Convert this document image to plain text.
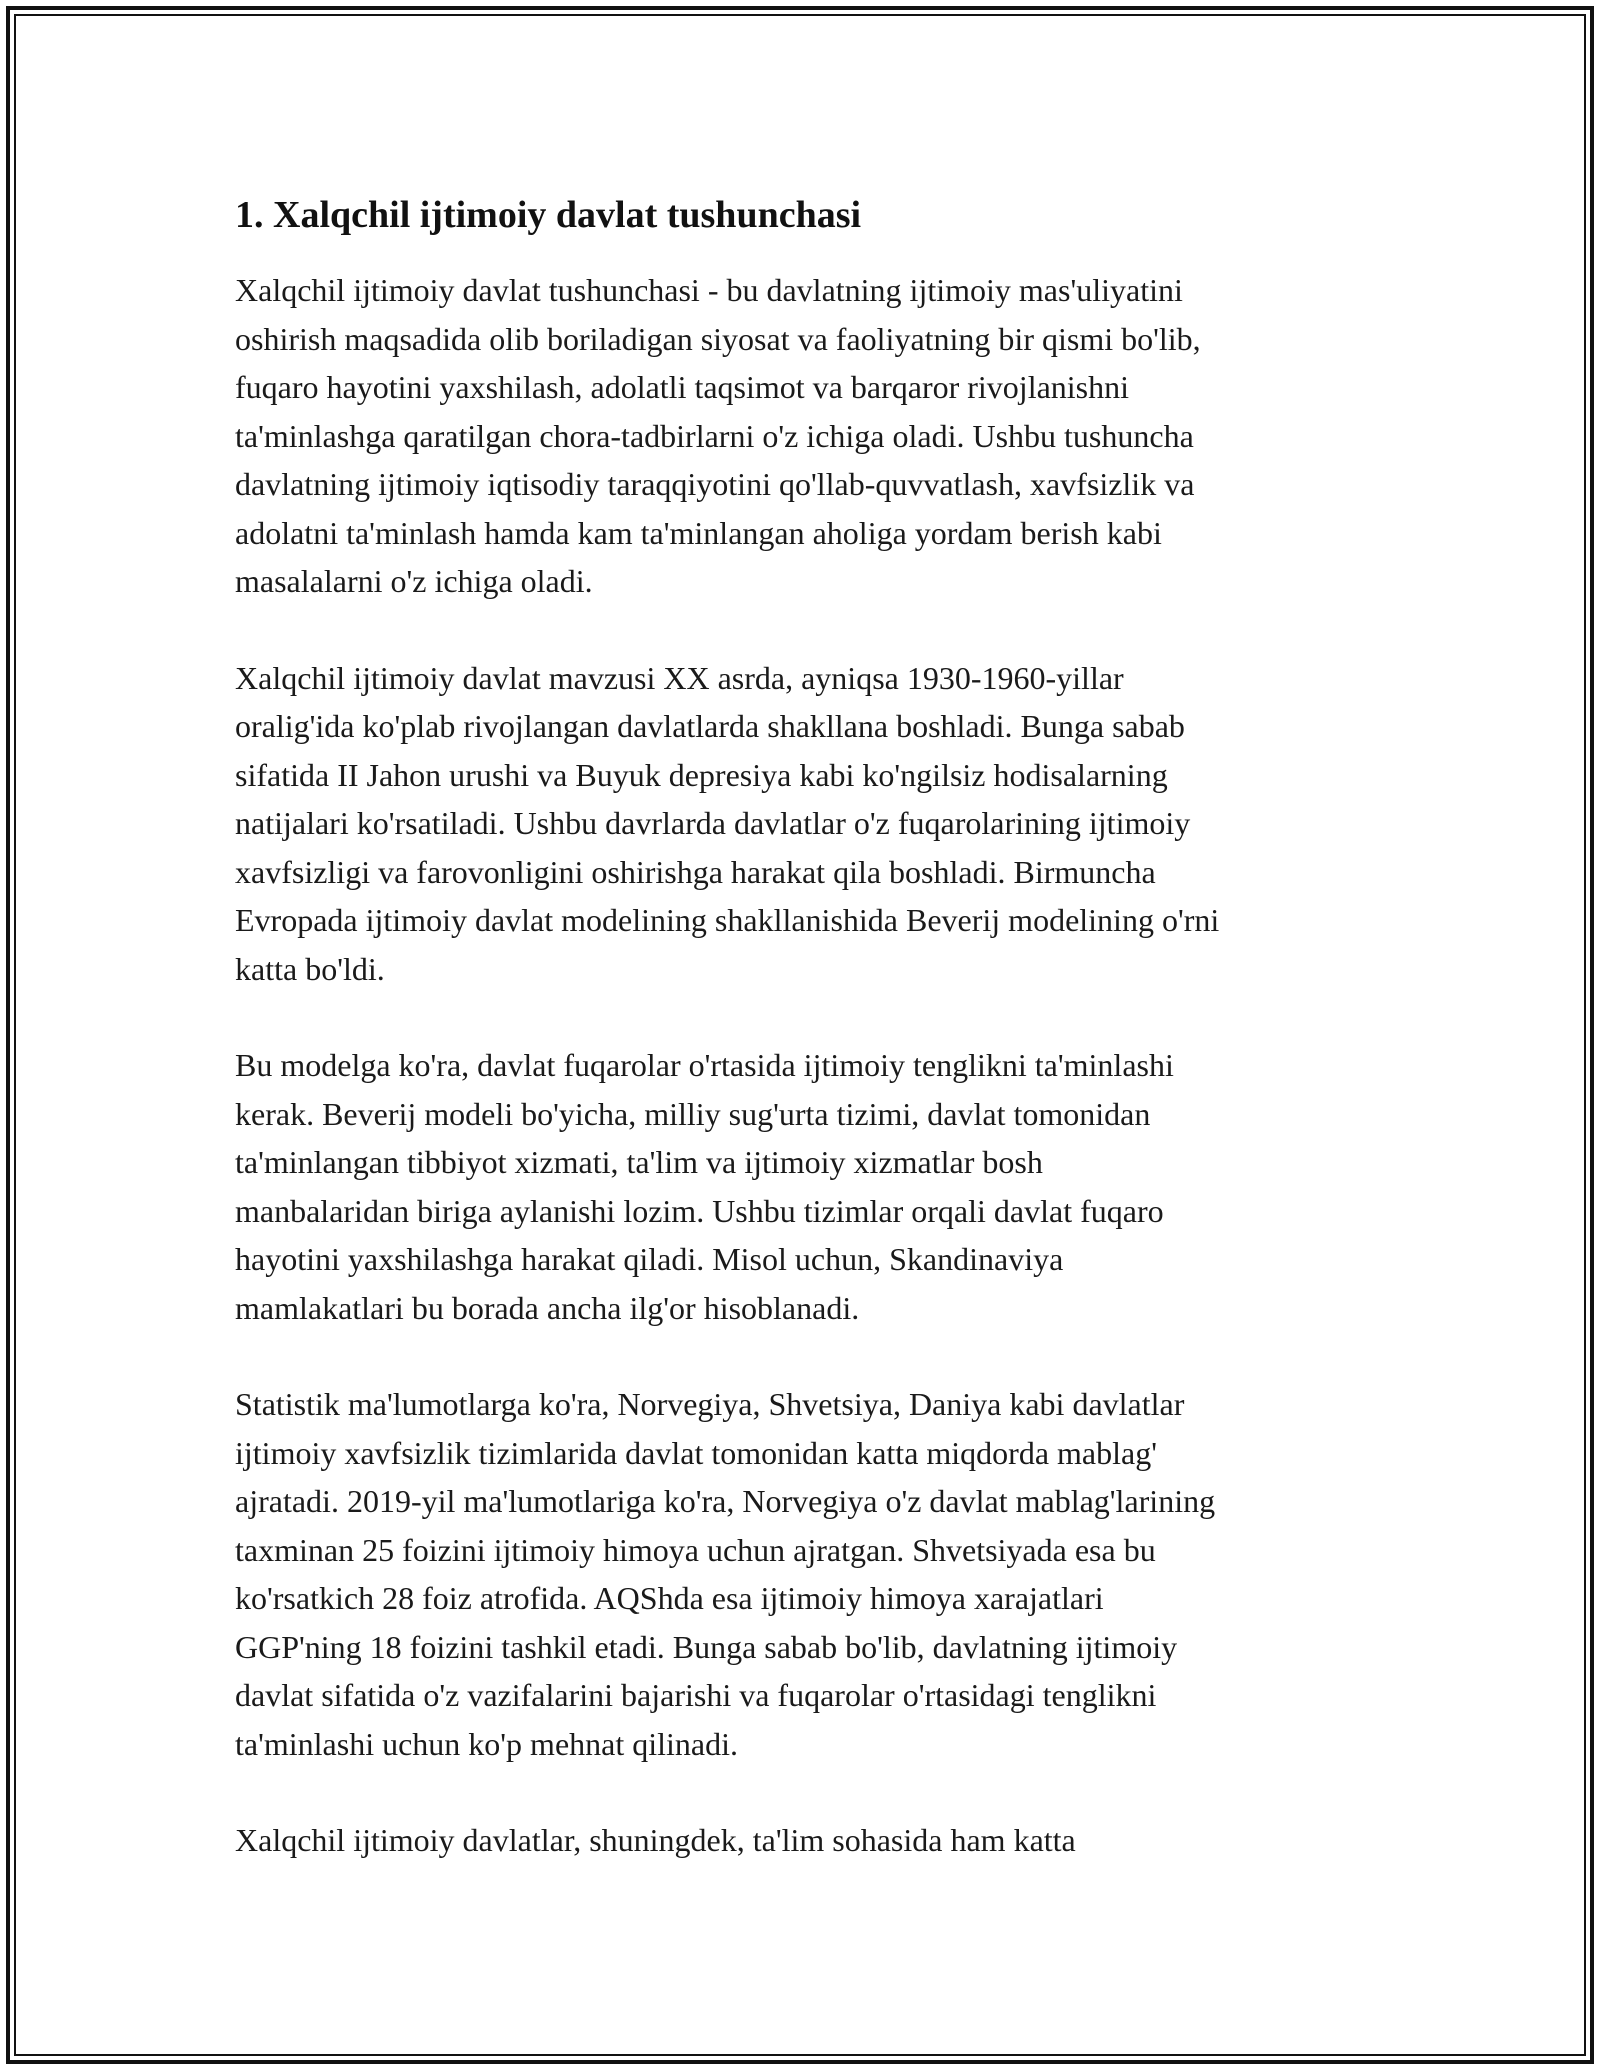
1. Xalqchil ijtimoiy davlat tushunchasi

Xalqchil ijtimoiy davlat tushunchasi - bu davlatning ijtimoiy mas'uliyatini
oshirish maqsadida olib boriladigan siyosat va faoliyatning bir qismi bo'lib,
fuqaro hayotini yaxshilash, adolatli taqsimot va barqaror rivojlanishni
ta'minlashga qaratilgan chora-tadbirlarni o'z ichiga oladi. Ushbu tushuncha
davlatning ijtimoiy iqtisodiy taraqqiyotini qo'llab-quvvatlash, xavfsizlik va
adolatni ta'minlash hamda kam ta'minlangan aholiga yordam berish kabi
masalalarni o'z ichiga oladi.

Xalqchil ijtimoiy davlat mavzusi XX asrda, ayniqsa 1930-1960-yillar
oralig'ida ko'plab rivojlangan davlatlarda shakllana boshladi. Bunga sabab
sifatida II Jahon urushi va Buyuk depresiya kabi ko'ngilsiz hodisalarning
natijalari ko'rsatiladi. Ushbu davrlarda davlatlar o'z fuqarolarining ijtimoiy
xavfsizligi va farovonligini oshirishga harakat qila boshladi. Birmuncha
Evropada ijtimoiy davlat modelining shakllanishida Beverij modelining o'rni
katta bo'ldi.

Bu modelga ko'ra, davlat fuqarolar o'rtasida ijtimoiy tenglikni ta'minlashi
kerak. Beverij modeli bo'yicha, milliy sug'urta tizimi, davlat tomonidan
ta'minlangan tibbiyot xizmati, ta'lim va ijtimoiy xizmatlar bosh
manbalaridan biriga aylanishi lozim. Ushbu tizimlar orqali davlat fuqaro
hayotini yaxshilashga harakat qiladi. Misol uchun, Skandinaviya
mamlakatlari bu borada ancha ilg'or hisoblanadi.

Statistik ma'lumotlarga ko'ra, Norvegiya, Shvetsiya, Daniya kabi davlatlar
ijtimoiy xavfsizlik tizimlarida davlat tomonidan katta miqdorda mablag'
ajratadi. 2019-yil ma'lumotlariga ko'ra, Norvegiya o'z davlat mablag'larining
taxminan 25 foizini ijtimoiy himoya uchun ajratgan. Shvetsiyada esa bu
ko'rsatkich 28 foiz atrofida. AQShda esa ijtimoiy himoya xarajatlari
GGP'ning 18 foizini tashkil etadi. Bunga sabab bo'lib, davlatning ijtimoiy
davlat sifatida o'z vazifalarini bajarishi va fuqarolar o'rtasidagi tenglikni
ta'minlashi uchun ko'p mehnat qilinadi.

Xalqchil ijtimoiy davlatlar, shuningdek, ta'lim sohasida ham katta
